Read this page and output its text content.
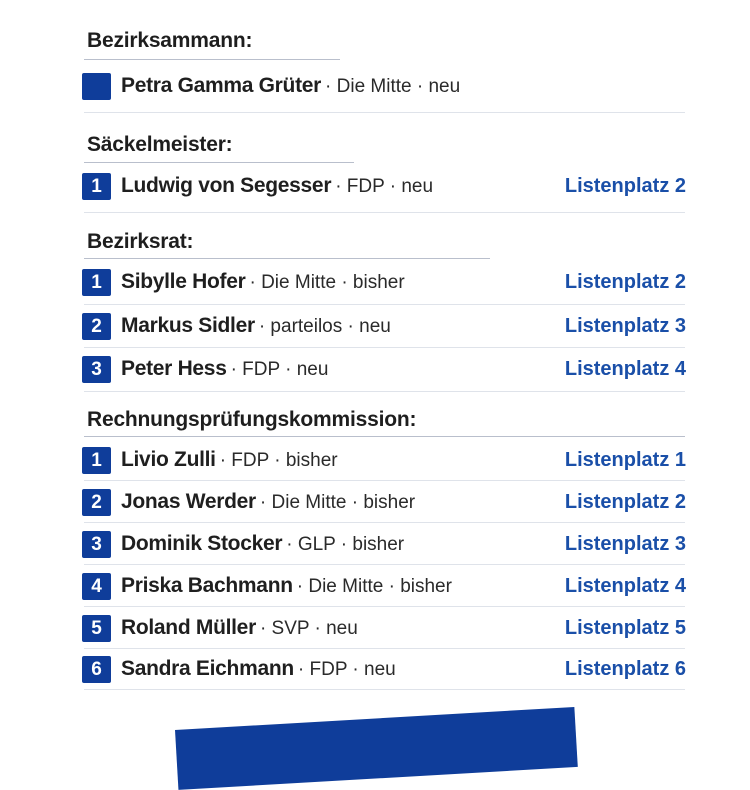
Bezirksammann:
Petra Gamma Grüter · Die Mitte · neu
Säckelmeister:
1 Ludwig von Segesser · FDP · neu	Listenplatz 2
Bezirksrat:
1 Sibylle Hofer · Die Mitte · bisher	Listenplatz 2
2 Markus Sidler · parteilos · neu	Listenplatz 3
3 Peter Hess · FDP · neu	Listenplatz 4
Rechnungsprüfungskommission:
1 Livio Zulli · FDP · bisher	Listenplatz 1
2 Jonas Werder · Die Mitte · bisher	Listenplatz 2
3 Dominik Stocker · GLP · bisher	Listenplatz 3
4 Priska Bachmann · Die Mitte · bisher	Listenplatz 4
5 Roland Müller · SVP · neu	Listenplatz 5
6 Sandra Eichmann · FDP · neu	Listenplatz 6
